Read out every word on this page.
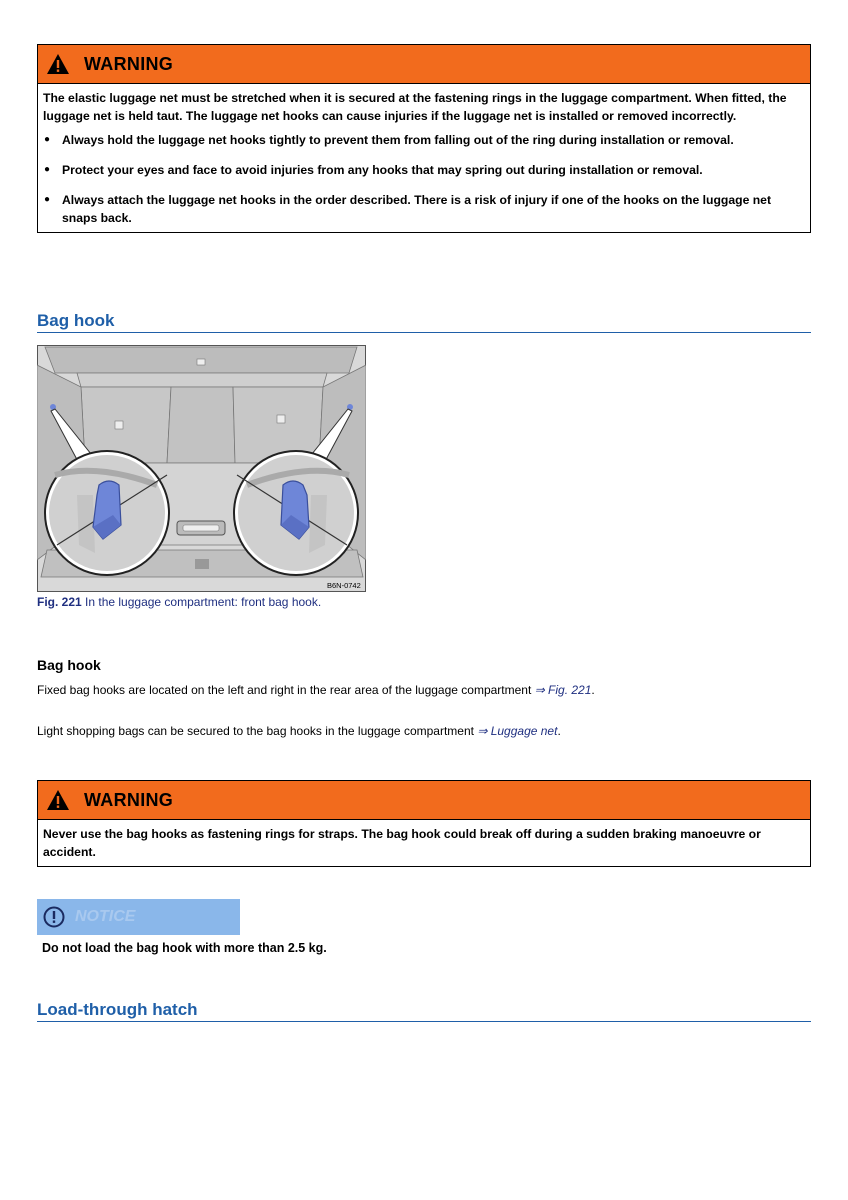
WARNING
The elastic luggage net must be stretched when it is secured at the fastening rings in the luggage compartment. When fitted, the luggage net is held taut. The luggage net hooks can cause injuries if the luggage net is installed or removed incorrectly.
● Always hold the luggage net hooks tightly to prevent them from falling out of the ring during installation or removal.
● Protect your eyes and face to avoid injuries from any hooks that may spring out during installation or removal.
● Always attach the luggage net hooks in the order described. There is a risk of injury if one of the hooks on the luggage net snaps back.
Bag hook
B6N-0742
Fig. 221 In the luggage compartment: front bag hook.
Bag hook
Fixed bag hooks are located on the left and right in the rear area of the luggage compartment ⇒ Fig. 221.
Light shopping bags can be secured to the bag hooks in the luggage compartment ⇒ Luggage net.
WARNING
Never use the bag hooks as fastening rings for straps. The bag hook could break off during a sudden braking manoeuvre or accident.
NOTICE
Do not load the bag hook with more than 2.5 kg.
Load-through hatch
